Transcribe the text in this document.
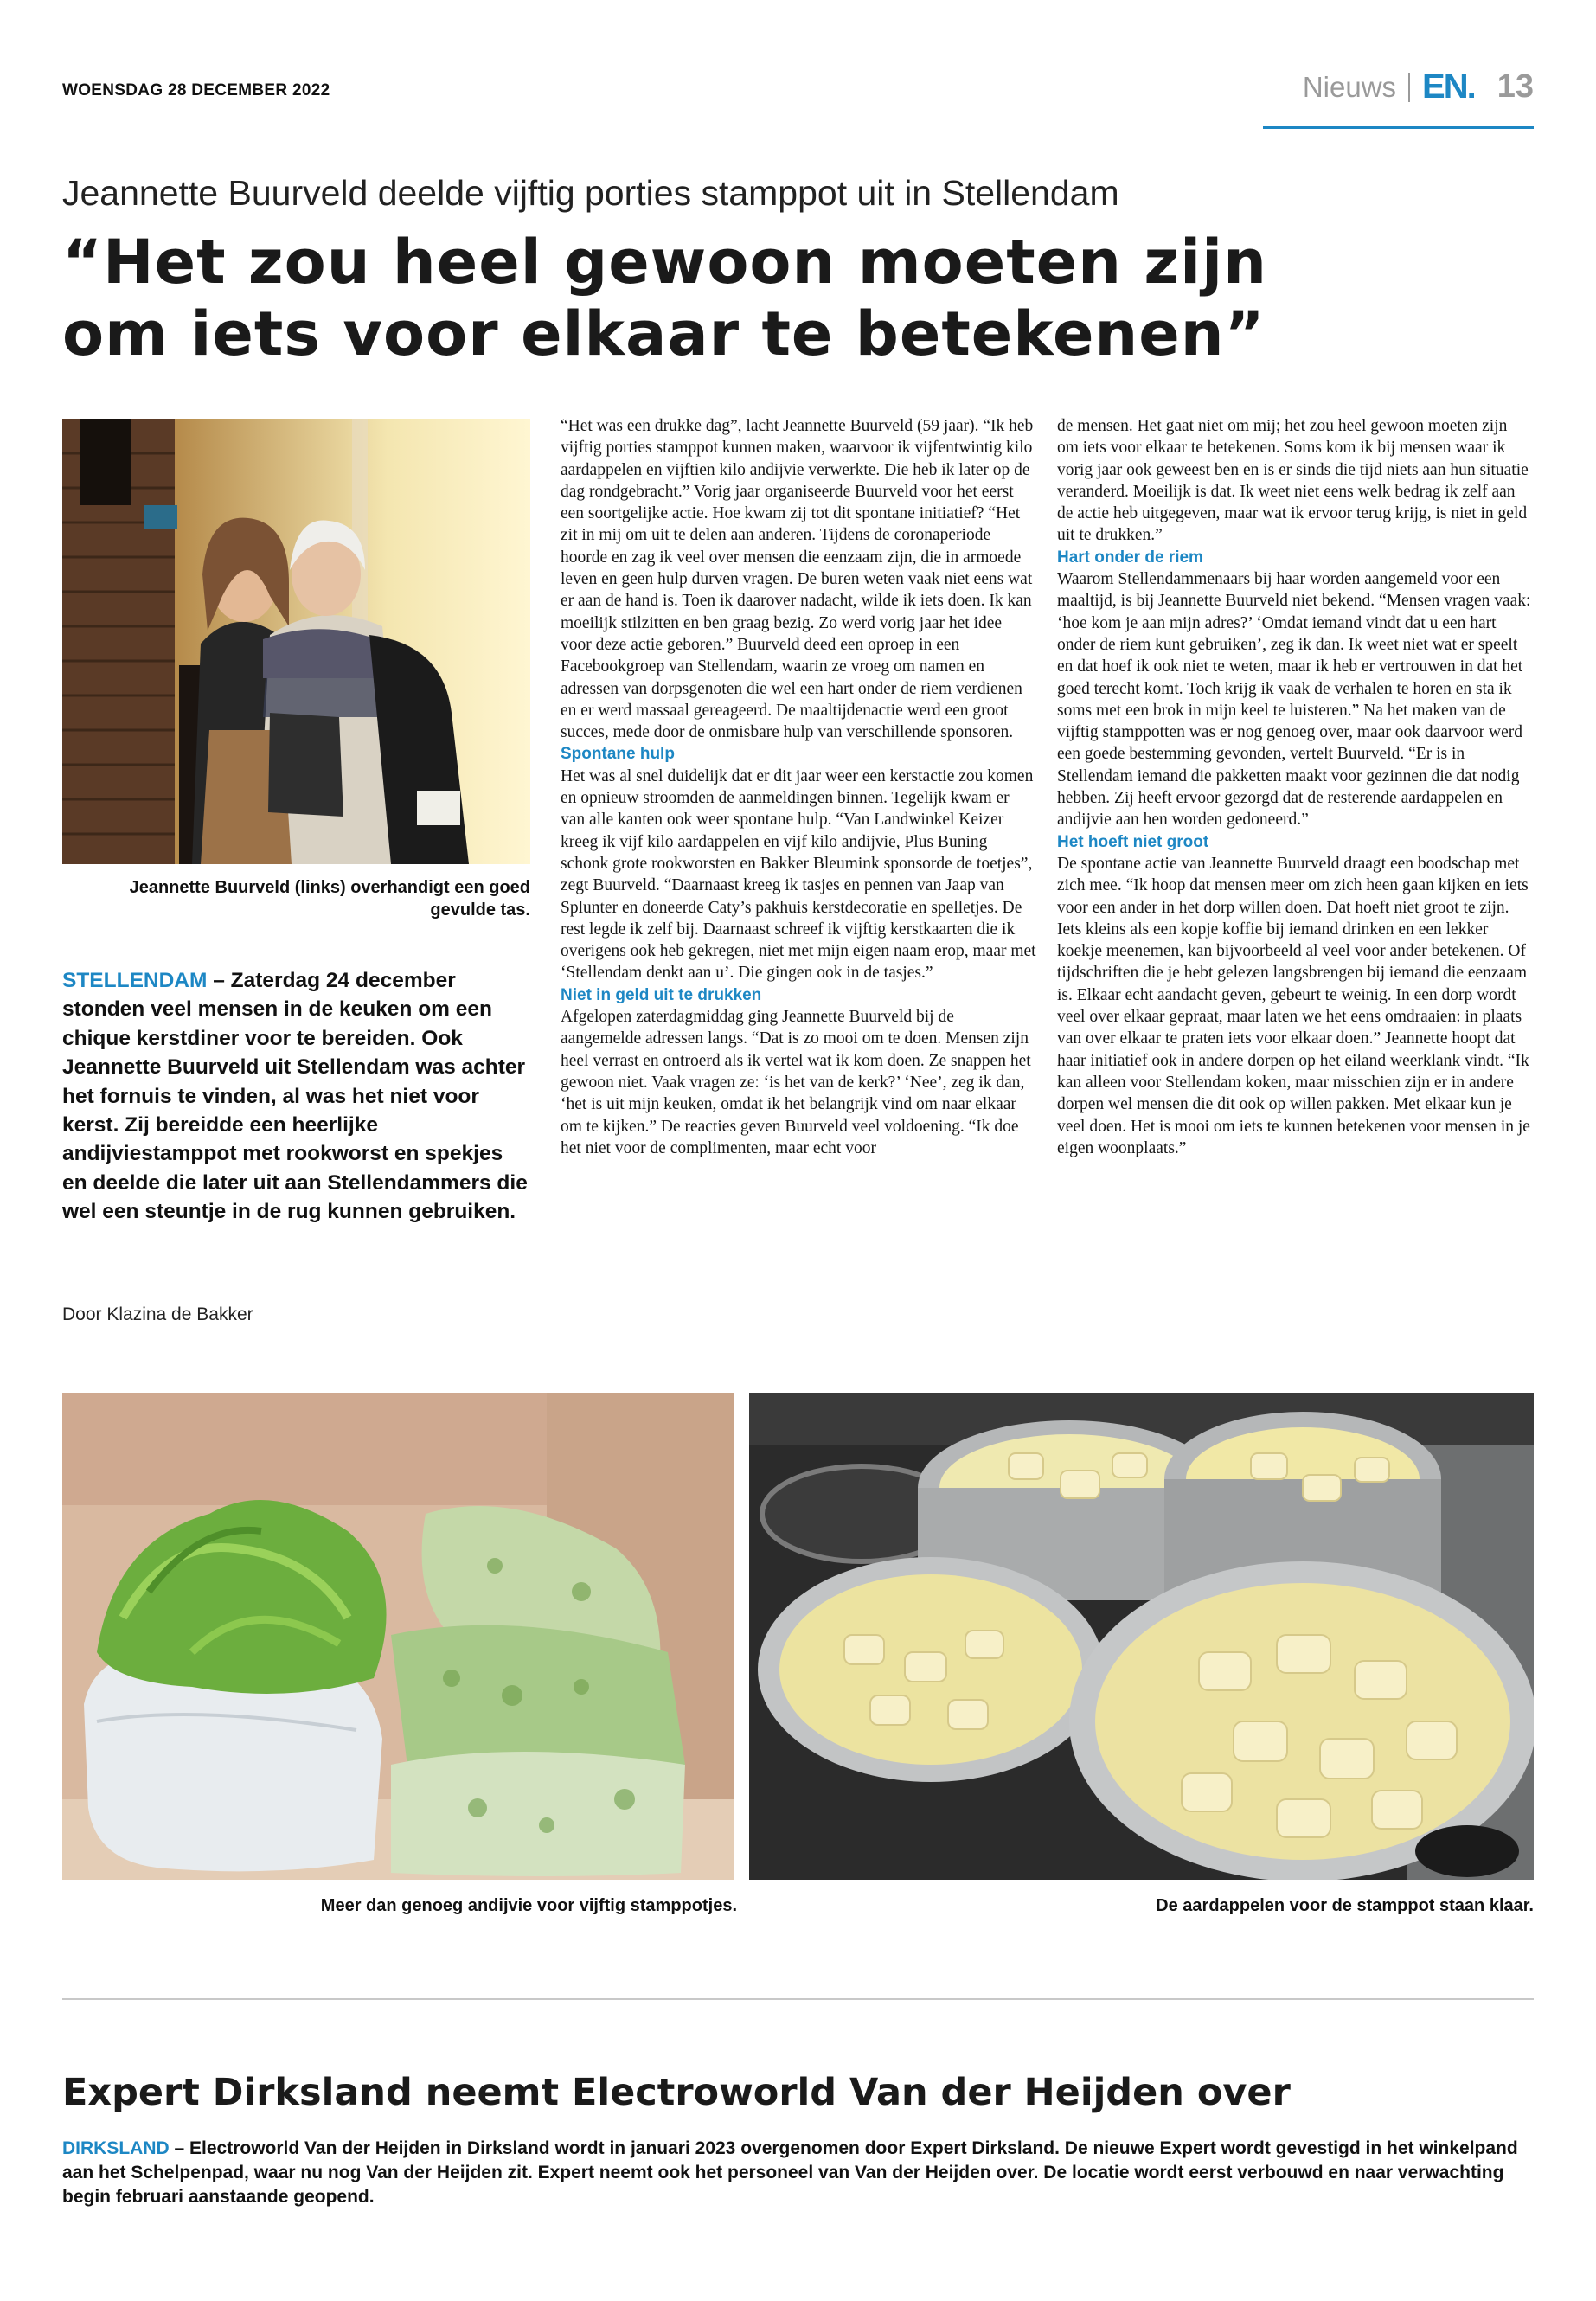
WOENSDAG 28 DECEMBER 2022	Nieuws EN. 13
Jeannette Buurveld deelde vijftig porties stamppot uit in Stellendam
“Het zou heel gewoon moeten zijn
om iets voor elkaar te betekenen”
Jeannette Buurveld (links) overhandigt een goed gevulde tas.

STELLENDAM – Zaterdag 24 december stonden veel mensen in de keuken om een chique kerstdiner voor te bereiden. Ook Jeannette Buurveld uit Stellendam was achter het fornuis te vinden, al was het niet voor kerst. Zij bereidde een heerlijke andijviestamppot met rookworst en spekjes en deelde die later uit aan Stellendammers die wel een steuntje in de rug kunnen gebruiken.

Door Klazina de Bakker

“Het was een drukke dag”, lacht Jeannette Buurveld (59 jaar). “Ik heb vijftig porties stamppot kunnen maken, waarvoor ik vijfentwintig kilo aardappelen en vijftien kilo andijvie verwerkte. Die heb ik later op de dag rondgebracht.” Vorig jaar organiseerde Buurveld voor het eerst een soortgelijke actie. Hoe kwam zij tot dit spontane initiatief? “Het zit in mij om uit te delen aan anderen. Tijdens de coronaperiode hoorde en zag ik veel over mensen die eenzaam zijn, die in armoede leven en geen hulp durven vragen. De buren weten vaak niet eens wat er aan de hand is. Toen ik daarover nadacht, wilde ik iets doen. Ik kan moeilijk stilzitten en ben graag bezig. Zo werd vorig jaar het idee voor deze actie geboren.” Buurveld deed een oproep in een Facebookgroep van Stellendam, waarin ze vroeg om namen en adressen van dorpsgenoten die wel een hart onder de riem verdienen en er werd massaal gereageerd. De maaltijdenactie werd een groot succes, mede door de onmisbare hulp van verschillende sponsoren.

Spontane hulp

Het was al snel duidelijk dat er dit jaar weer een kerstactie zou komen en opnieuw stroomden de aanmeldingen binnen. Tegelijk kwam er van alle kanten ook weer spontane hulp. “Van Landwinkel Keizer kreeg ik vijf kilo aardappelen en vijf kilo andijvie, Plus Buning schonk grote rookworsten en Bakker Bleumink sponsorde de toetjes”, zegt Buurveld. “Daarnaast kreeg ik tasjes en pennen van Jaap van Splunter en doneerde Caty’s pakhuis kerstdecoratie en spelletjes. De rest legde ik zelf bij. Daarnaast schreef ik vijftig kerstkaarten die ik overigens ook heb gekregen, niet met mijn eigen naam erop, maar met ‘Stellendam denkt aan u’. Die gingen ook in de tasjes.”

Niet in geld uit te drukken

Afgelopen zaterdagmiddag ging Jeannette Buurveld bij de aangemelde adressen langs. “Dat is zo mooi om te doen. Mensen zijn heel verrast en ontroerd als ik vertel wat ik kom doen. Ze snappen het gewoon niet. Vaak vragen ze: ‘is het van de kerk?’ ‘Nee’, zeg ik dan, ‘het is uit mijn keuken, omdat ik het belangrijk vind om naar elkaar om te kijken.” De reacties geven Buurveld veel voldoening. “Ik doe het niet voor de complimenten, maar echt voor

de mensen. Het gaat niet om mij; het zou heel gewoon moeten zijn om iets voor elkaar te betekenen. Soms kom ik bij mensen waar ik vorig jaar ook geweest ben en is er sinds die tijd niets aan hun situatie veranderd. Moeilijk is dat. Ik weet niet eens welk bedrag ik zelf aan de actie heb uitgegeven, maar wat ik ervoor terug krijg, is niet in geld uit te drukken.”

Hart onder de riem

Waarom Stellendammenaars bij haar worden aangemeld voor een maaltijd, is bij Jeannette Buurveld niet bekend. “Mensen vragen vaak: ‘hoe kom je aan mijn adres?’ ‘Omdat iemand vindt dat u een hart onder de riem kunt gebruiken’, zeg ik dan. Ik weet niet wat er speelt en dat hoef ik ook niet te weten, maar ik heb er vertrouwen in dat het goed terecht komt. Toch krijg ik vaak de verhalen te horen en sta ik soms met een brok in mijn keel te luisteren.” Na het maken van de vijftig stamppotten was er nog genoeg over, maar ook daarvoor werd een goede bestemming gevonden, vertelt Buurveld. “Er is in Stellendam iemand die pakketten maakt voor gezinnen die dat nodig hebben. Zij heeft ervoor gezorgd dat de resterende aardappelen en andijvie aan hen worden gedoneerd.”

Het hoeft niet groot

De spontane actie van Jeannette Buurveld draagt een boodschap met zich mee. “Ik hoop dat mensen meer om zich heen gaan kijken en iets voor een ander in het dorp willen doen. Dat hoeft niet groot te zijn. Iets kleins als een kopje koffie bij iemand drinken en een lekker koekje meenemen, kan bijvoorbeeld al veel voor ander betekenen. Of tijdschriften die je hebt gelezen langsbrengen bij iemand die eenzaam is. Elkaar echt aandacht geven, gebeurt te weinig. In een dorp wordt veel over elkaar gepraat, maar laten we het eens omdraaien: in plaats van over elkaar te praten iets voor elkaar doen.” Jeannette hoopt dat haar initiatief ook in andere dorpen op het eiland weerklank vindt. “Ik kan alleen voor Stellendam koken, maar misschien zijn er in andere dorpen wel mensen die dit ook op willen pakken. Met elkaar kun je veel doen. Het is mooi om iets te kunnen betekenen voor mensen in je eigen woonplaats.”

Meer dan genoeg andijvie voor vijftig stamppotjes.	De aardappelen voor de stamppot staan klaar.
Expert Dirksland neemt Electroworld Van der Heijden over

DIRKSLAND – Electroworld Van der Heijden in Dirksland wordt in januari 2023 overgenomen door Expert Dirksland. De nieuwe Expert wordt gevestigd in het winkelpand aan het Schelpenpad, waar nu nog Van der Heijden zit. Expert neemt ook het personeel van Van der Heijden over. De locatie wordt eerst verbouwd en naar verwachting begin februari aanstaande geopend.
